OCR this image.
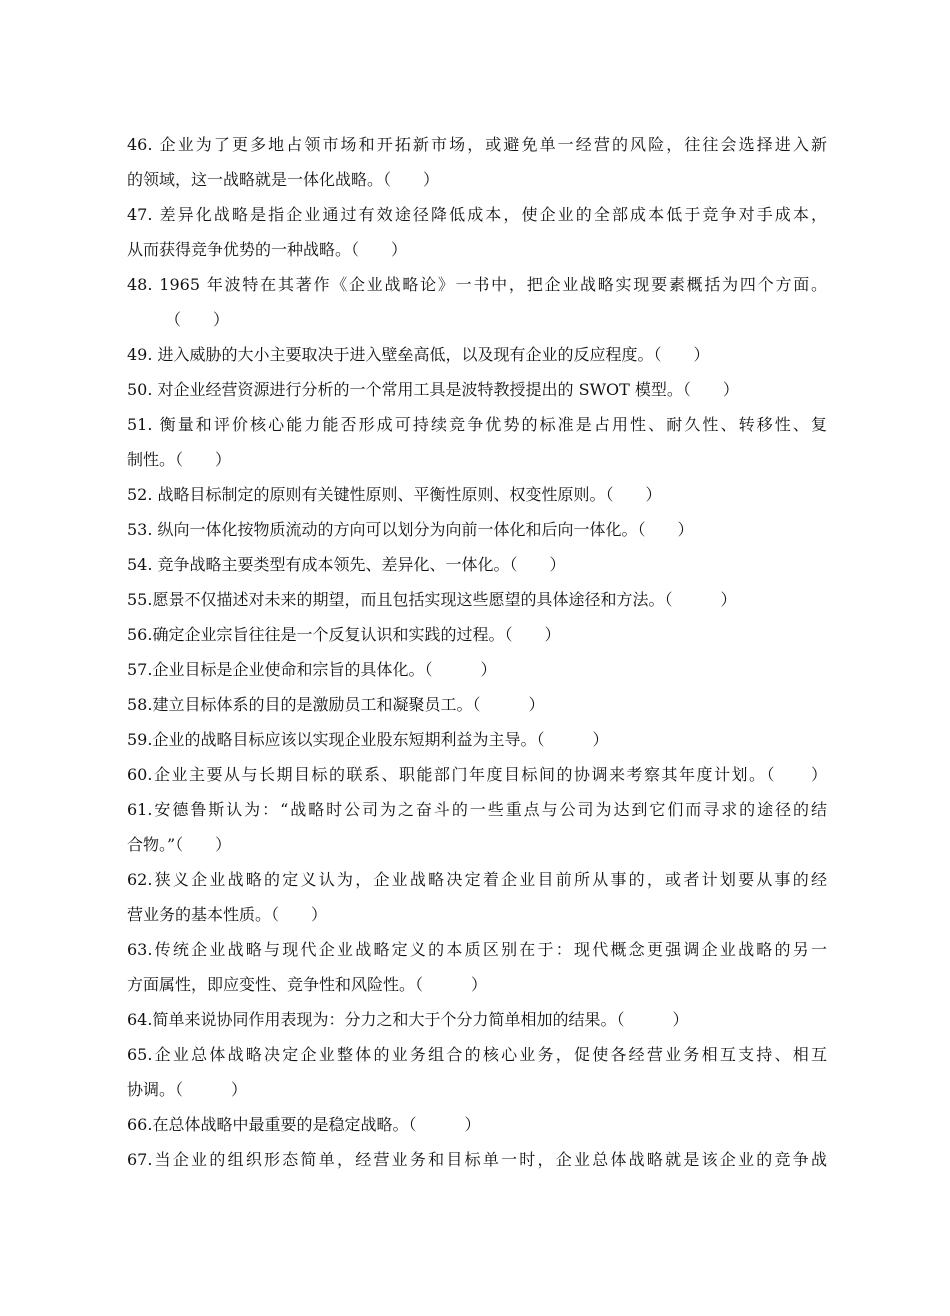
46. 企业为了更多地占领市场和开拓新市场，或避免单一经营的风险，往往会选择进入新
的领域，这一战略就是一体化战略。（　　）
47. 差异化战略是指企业通过有效途径降低成本，使企业的全部成本低于竞争对手成本，
从而获得竞争优势的一种战略。（　　）
48. 1965 年波特在其著作《企业战略论》一书中，把企业战略实现要素概括为四个方面。
（　　）
49. 进入威胁的大小主要取决于进入壁垒高低，以及现有企业的反应程度。（　　）
50. 对企业经营资源进行分析的一个常用工具是波特教授提出的 SWOT 模型。（　　）
51. 衡量和评价核心能力能否形成可持续竞争优势的标准是占用性、耐久性、转移性、复
制性。（　　）
52. 战略目标制定的原则有关键性原则、平衡性原则、权变性原则。（　　）
53. 纵向一体化按物质流动的方向可以划分为向前一体化和后向一体化。（　　）
54. 竞争战略主要类型有成本领先、差异化、一体化。（　　）
55.愿景不仅描述对未来的期望，而且包括实现这些愿望的具体途径和方法。（　　　）
56.确定企业宗旨往往是一个反复认识和实践的过程。（　　）
57.企业目标是企业使命和宗旨的具体化。（　　　）
58.建立目标体系的目的是激励员工和凝聚员工。（　　　）
59.企业的战略目标应该以实现企业股东短期利益为主导。（　　　）
60.企业主要从与长期目标的联系、职能部门年度目标间的协调来考察其年度计划。（　　）
61.安德鲁斯认为：“战略时公司为之奋斗的一些重点与公司为达到它们而寻求的途径的结
合物。”（　　）
62.狭义企业战略的定义认为，企业战略决定着企业目前所从事的，或者计划要从事的经
营业务的基本性质。（　　）
63.传统企业战略与现代企业战略定义的本质区别在于：现代概念更强调企业战略的另一
方面属性，即应变性、竞争性和风险性。（　　　）
64.简单来说协同作用表现为：分力之和大于个分力简单相加的结果。（　　　）
65.企业总体战略决定企业整体的业务组合的核心业务，促使各经营业务相互支持、相互
协调。（　　　）
66.在总体战略中最重要的是稳定战略。（　　　）
67.当企业的组织形态简单，经营业务和目标单一时，企业总体战略就是该企业的竞争战
